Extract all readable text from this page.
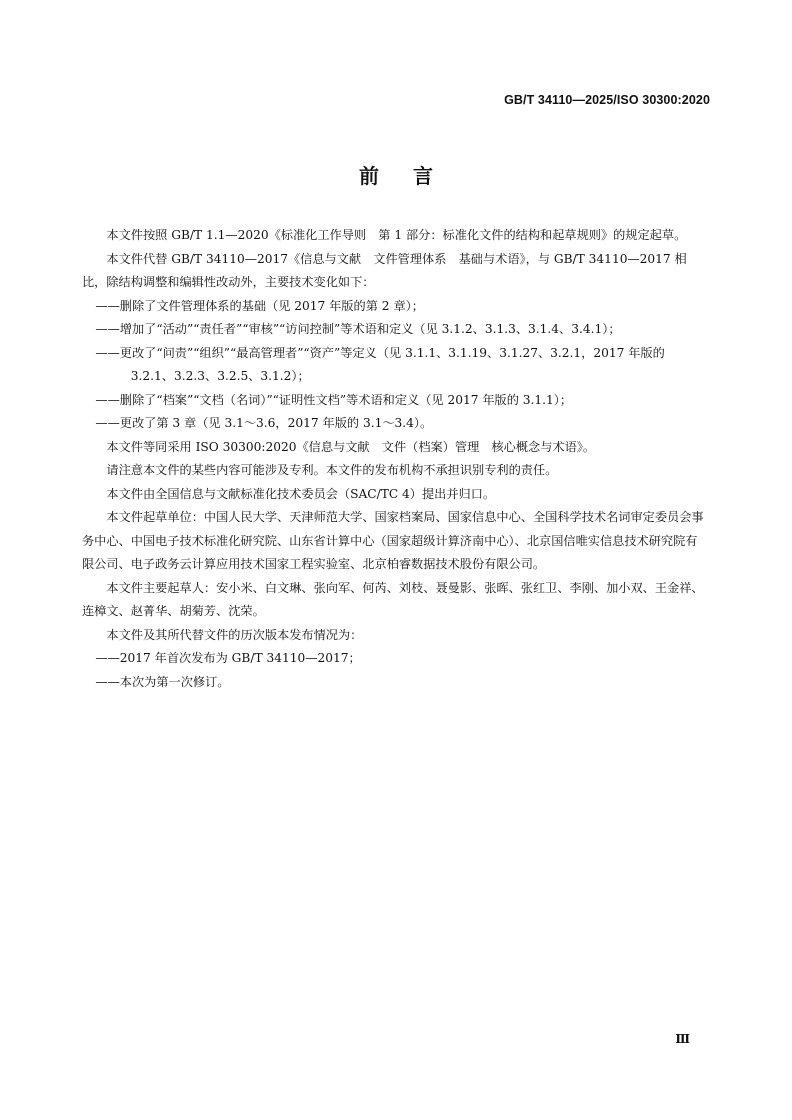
GB/T 34110—2025/ISO 30300:2020
前言

本文件按照 GB/T 1.1—2020《标准化工作导则　第 1 部分：标准化文件的结构和起草规则》的规定起草。

本文件代替 GB/T 34110—2017《信息与文献　文件管理体系　基础与术语》，与 GB/T 34110—2017 相比，除结构调整和编辑性改动外，主要技术变化如下：

——删除了文件管理体系的基础（见 2017 年版的第 2 章）；

——增加了“活动”“责任者”“审核”“访问控制”等术语和定义（见 3.1.2、3.1.3、3.1.4、3.4.1）；

——更改了“问责”“组织”“最高管理者”“资产”等定义（见 3.1.1、3.1.19、3.1.27、3.2.1，2017 年版的 3.2.1、3.2.3、3.2.5、3.1.2）；

——删除了“档案”“文档（名词）”“证明性文档”等术语和定义（见 2017 年版的 3.1.1）；

——更改了第 3 章（见 3.1～3.6，2017 年版的 3.1～3.4）。

本文件等同采用 ISO 30300:2020《信息与文献　文件（档案）管理　核心概念与术语》。

请注意本文件的某些内容可能涉及专利。本文件的发布机构不承担识别专利的责任。

本文件由全国信息与文献标准化技术委员会（SAC/TC 4）提出并归口。

本文件起草单位：中国人民大学、天津师范大学、国家档案局、国家信息中心、全国科学技术名词审定委员会事务中心、中国电子技术标准化研究院、山东省计算中心（国家超级计算济南中心）、北京国信唯实信息技术研究院有限公司、电子政务云计算应用技术国家工程实验室、北京柏睿数据技术股份有限公司。

本文件主要起草人：安小米、白文琳、张向军、何芮、刘枝、聂曼影、张晖、张红卫、李刚、加小双、王金祥、连樟文、赵菁华、胡菊芳、沈荣。

本文件及其所代替文件的历次版本发布情况为：

——2017 年首次发布为 GB/T 34110—2017；

——本次为第一次修订。

Ⅲ
